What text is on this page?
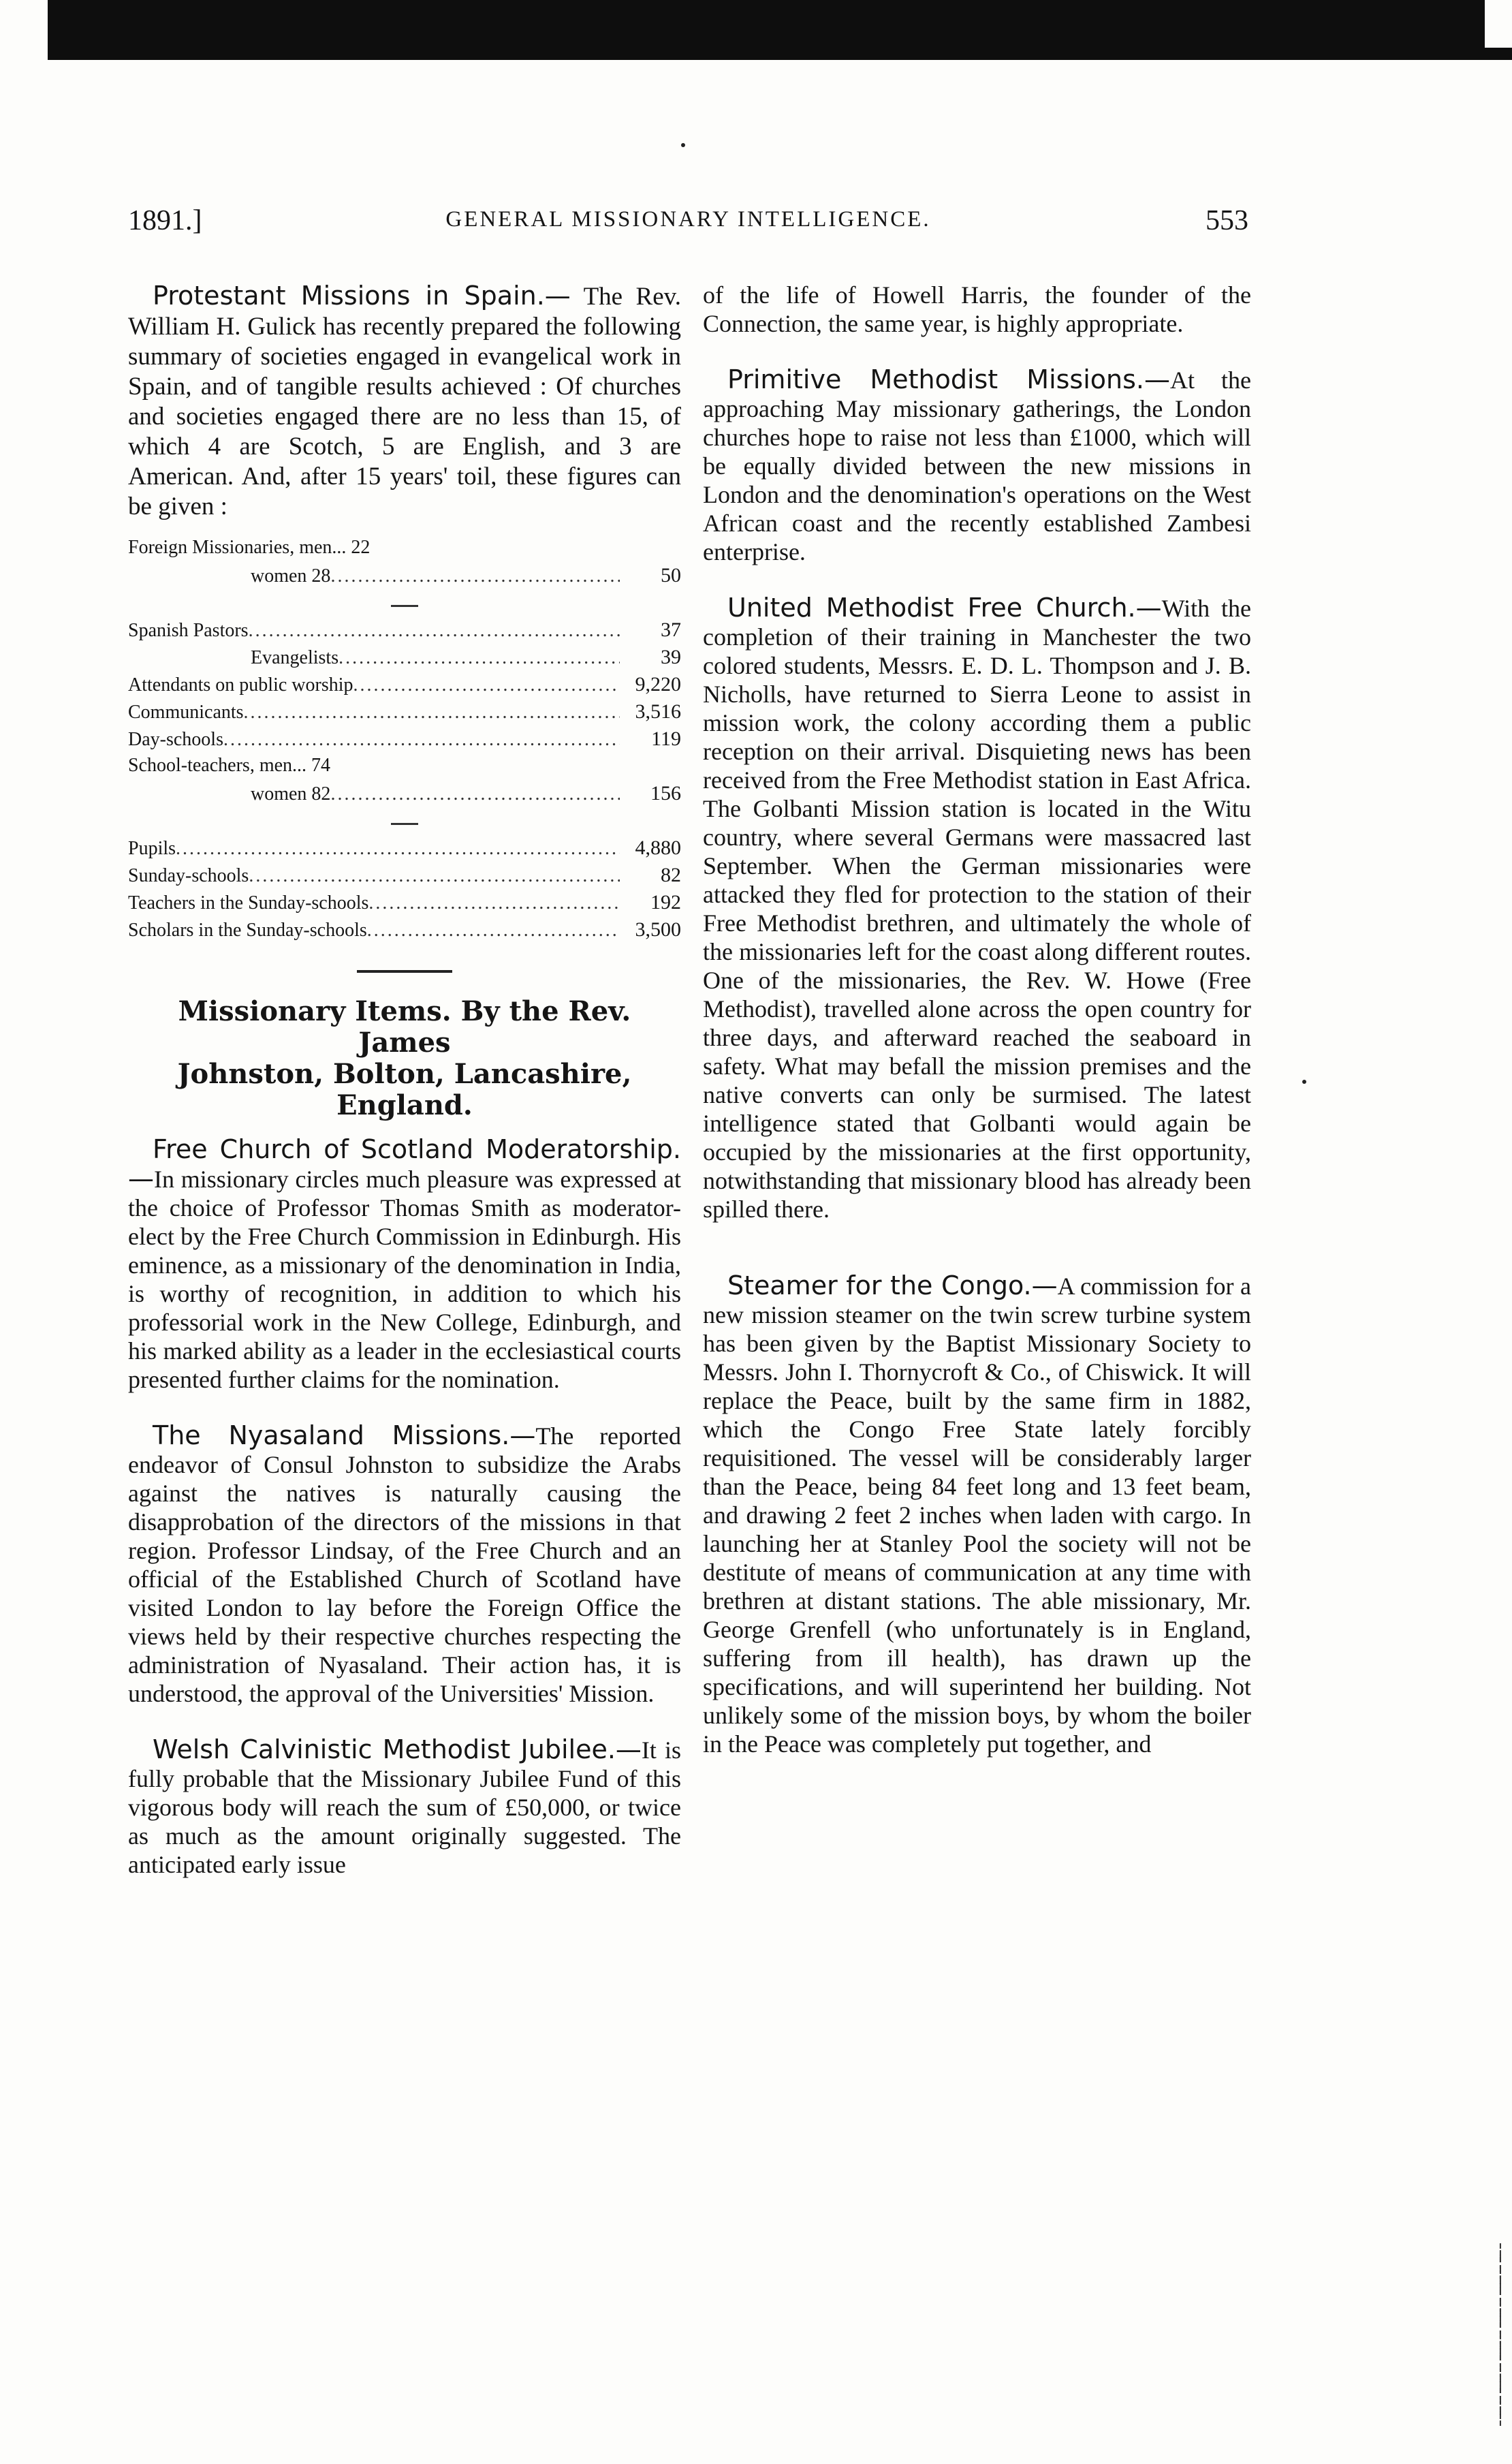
1891.]	GENERAL MISSIONARY INTELLIGENCE.	553

Protestant Missions in Spain.— The Rev. William H. Gulick has recently prepared the following summary of societies engaged in evangelical work in Spain, and of tangible results achieved : Of churches and societies engaged there are no less than 15, of which 4 are Scotch, 5 are English, and 3 are American. And, after 15 years' toil, these figures can be given :

Foreign Missionaries, men... 22
women 28 .....	50
Spanish Pastors .....	37
Evangelists .....	39
Attendants on public worship .....	9,220
Communicants .....	3,516
Day-schools .....	119
School-teachers, men... 74
women 82 .....	156
Pupils .....	4,880
Sunday-schools .....	82
Teachers in the Sunday-schools .....	192
Scholars in the Sunday-schools .....	3,500
Missionary Items. By the Rev. James
Johnston, Bolton, Lancashire, England.

Free Church of Scotland Moderatorship.—In missionary circles much pleasure was expressed at the choice of Professor Thomas Smith as moderator-elect by the Free Church Commission in Edinburgh. His eminence, as a missionary of the denomination in India, is worthy of recognition, in addition to which his professorial work in the New College, Edinburgh, and his marked ability as a leader in the ecclesiastical courts presented further claims for the nomination.

The Nyasaland Missions.—The reported endeavor of Consul Johnston to subsidize the Arabs against the natives is naturally causing the disapprobation of the directors of the missions in that region. Professor Lindsay, of the Free Church and an official of the Established Church of Scotland have visited London to lay before the Foreign Office the views held by their respective churches respecting the administration of Nyasaland. Their action has, it is understood, the approval of the Universities' Mission.

Welsh Calvinistic Methodist Jubilee.—It is fully probable that the Missionary Jubilee Fund of this vigorous body will reach the sum of £50,000, or twice as much as the amount originally suggested. The anticipated early issue

of the life of Howell Harris, the founder of the Connection, the same year, is highly appropriate.

Primitive Methodist Missions.—At the approaching May missionary gatherings, the London churches hope to raise not less than £1000, which will be equally divided between the new missions in London and the denomination's operations on the West African coast and the recently established Zambesi enterprise.

United Methodist Free Church.—With the completion of their training in Manchester the two colored students, Messrs. E. D. L. Thompson and J. B. Nicholls, have returned to Sierra Leone to assist in mission work, the colony according them a public reception on their arrival. Disquieting news has been received from the Free Methodist station in East Africa. The Golbanti Mission station is located in the Witu country, where several Germans were massacred last September. When the German missionaries were attacked they fled for protection to the station of their Free Methodist brethren, and ultimately the whole of the missionaries left for the coast along different routes. One of the missionaries, the Rev. W. Howe (Free Methodist), travelled alone across the open country for three days, and afterward reached the seaboard in safety. What may befall the mission premises and the native converts can only be surmised. The latest intelligence stated that Golbanti would again be occupied by the missionaries at the first opportunity, notwithstanding that missionary blood has already been spilled there.

Steamer for the Congo.—A commission for a new mission steamer on the twin screw turbine system has been given by the Baptist Missionary Society to Messrs. John I. Thornycroft & Co., of Chiswick. It will replace the Peace, built by the same firm in 1882, which the Congo Free State lately forcibly requisitioned. The vessel will be considerably larger than the Peace, being 84 feet long and 13 feet beam, and drawing 2 feet 2 inches when laden with cargo. In launching her at Stanley Pool the society will not be destitute of means of communication at any time with brethren at distant stations. The able missionary, Mr. George Grenfell (who unfortunately is in England, suffering from ill health), has drawn up the specifications, and will superintend her building. Not unlikely some of the mission boys, by whom the boiler in the Peace was completely put together, and

┆╎┊┆╎┊┆╎┊┆╎┊┆╎┊┆
